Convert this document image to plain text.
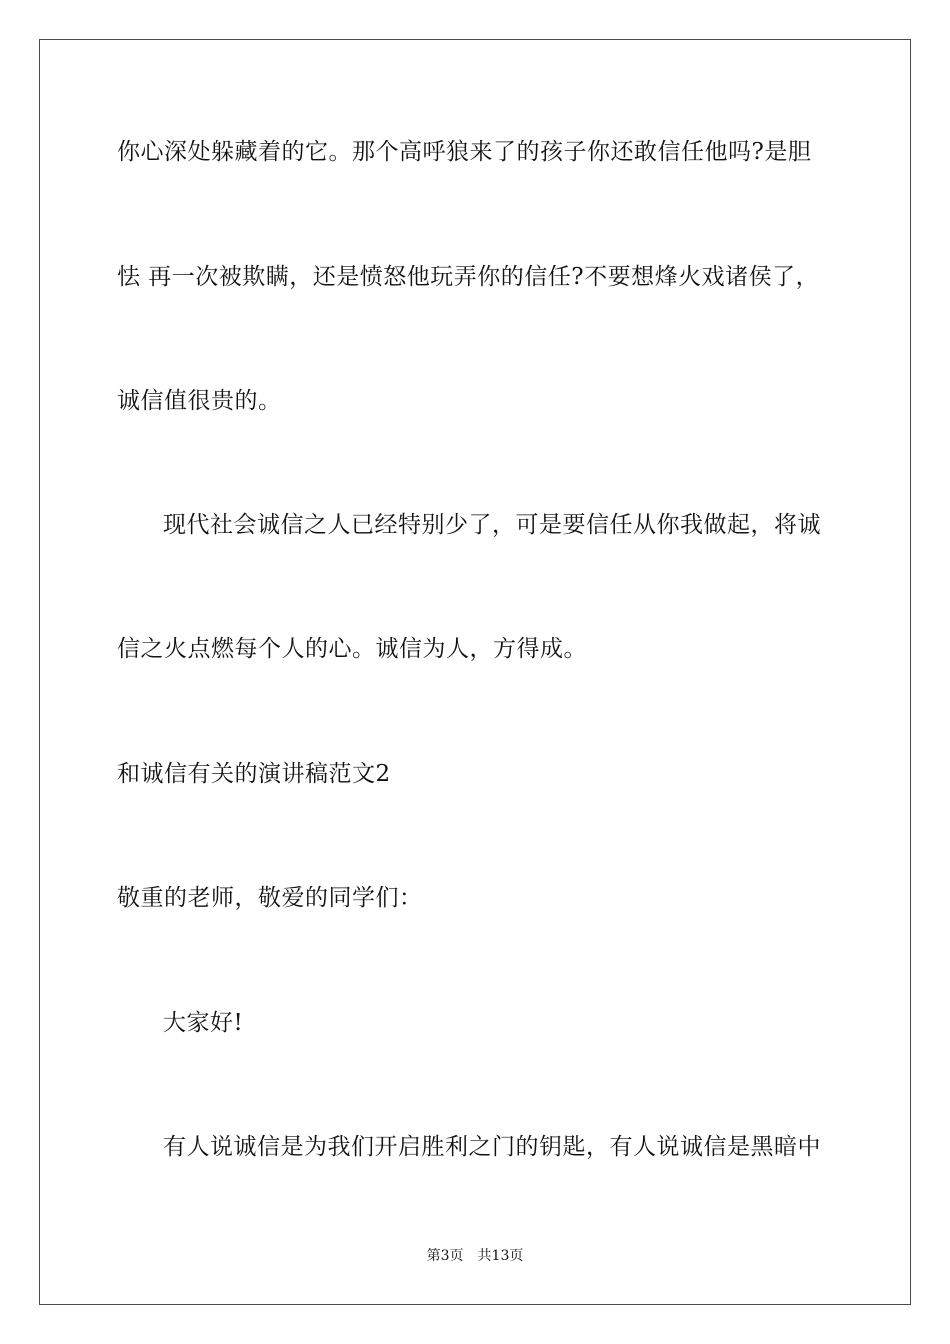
你心深处躲藏着的它。那个高呼狼来了的孩子你还敢信任他吗?是胆
怯 再一次被欺瞒，还是愤怒他玩弄你的信任?不要想烽火戏诸侯了，
诚信值很贵的。
现代社会诚信之人已经特别少了，可是要信任从你我做起，将诚
信之火点燃每个人的心。诚信为人，方得成。
和诚信有关的演讲稿范文2
敬重的老师，敬爱的同学们：
大家好!
有人说诚信是为我们开启胜利之门的钥匙，有人说诚信是黑暗中
第3页 共13页
